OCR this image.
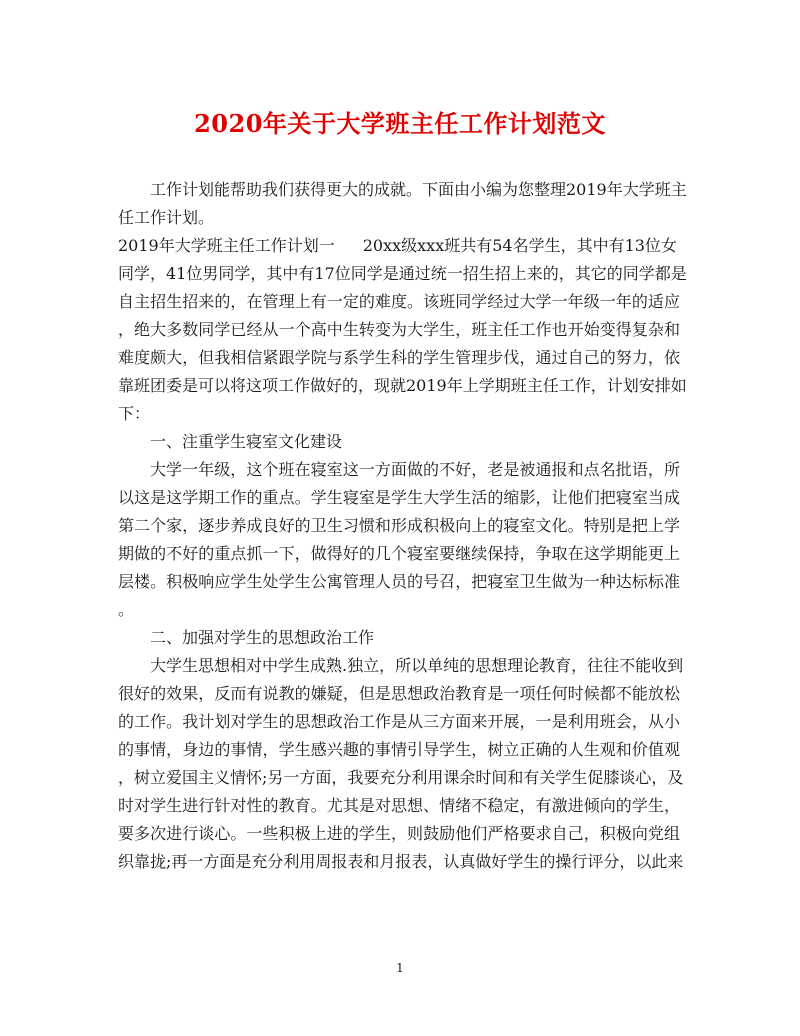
2020年关于大学班主任工作计划范文
工作计划能帮助我们获得更大的成就。下面由小编为您整理2019年大学班主
任工作计划。
2019年大学班主任工作计划一 20xx级xxx班共有54名学生，其中有13位女
同学，41位男同学，其中有17位同学是通过统一招生招上来的，其它的同学都是
自主招生招来的，在管理上有一定的难度。该班同学经过大学一年级一年的适应
，绝大多数同学已经从一个高中生转变为大学生，班主任工作也开始变得复杂和
难度颇大，但我相信紧跟学院与系学生科的学生管理步伐，通过自己的努力，依
靠班团委是可以将这项工作做好的，现就2019年上学期班主任工作，计划安排如
下：
一、注重学生寝室文化建设
大学一年级，这个班在寝室这一方面做的不好，老是被通报和点名批语，所
以这是这学期工作的重点。学生寝室是学生大学生活的缩影，让他们把寝室当成
第二个家，逐步养成良好的卫生习惯和形成积极向上的寝室文化。特别是把上学
期做的不好的重点抓一下，做得好的几个寝室要继续保持，争取在这学期能更上
层楼。积极响应学生处学生公寓管理人员的号召，把寝室卫生做为一种达标标准
。
二、加强对学生的思想政治工作
大学生思想相对中学生成熟.独立，所以单纯的思想理论教育，往往不能收到
很好的效果，反而有说教的嫌疑，但是思想政治教育是一项任何时候都不能放松
的工作。我计划对学生的思想政治工作是从三方面来开展，一是利用班会，从小
的事情，身边的事情，学生感兴趣的事情引导学生，树立正确的人生观和价值观
，树立爱国主义情怀;另一方面，我要充分利用课余时间和有关学生促膝谈心，及
时对学生进行针对性的教育。尤其是对思想、情绪不稳定，有激进倾向的学生，
要多次进行谈心。一些积极上进的学生，则鼓励他们严格要求自己，积极向党组
织靠拢;再一方面是充分利用周报表和月报表，认真做好学生的操行评分，以此来
1
